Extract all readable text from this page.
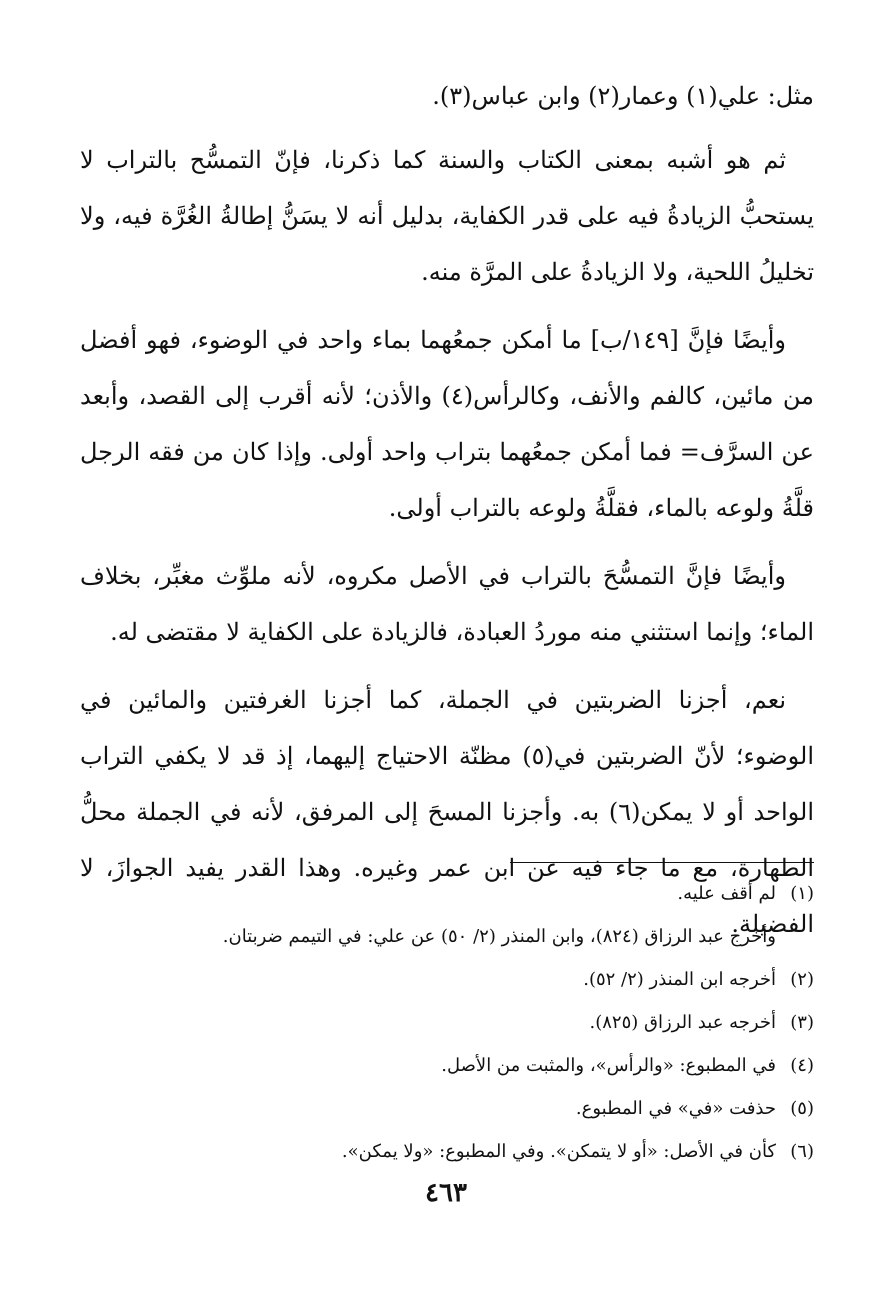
مثل: علي(١) وعمار(٢) وابن عباس(٣).

ثم هو أشبه بمعنى الكتاب والسنة كما ذكرنا، فإنّ التمسُّح بالتراب لا يستحبُّ الزيادةُ فيه على قدر الكفاية، بدليل أنه لا يسَنُّ إطالةُ الغُرَّة فيه، ولا تخليلُ اللحية، ولا الزيادةُ على المرَّة منه.

وأيضًا فإنَّ [١٤٩/ب] ما أمكن جمعُهما بماء واحد في الوضوء، فهو أفضل من مائين، كالفم والأنف، وكالرأس(٤) والأذن؛ لأنه أقرب إلى القصد، وأبعد عن السرَّف= فما أمكن جمعُهما بتراب واحد أولى. وإذا كان من فقه الرجل قلَّةُ ولوعه بالماء، فقلَّةُ ولوعه بالتراب أولى.

وأيضًا فإنَّ التمسُّحَ بالتراب في الأصل مكروه، لأنه ملوِّث مغبِّر، بخلاف الماء؛ وإنما استثني منه موردُ العبادة، فالزيادة على الكفاية لا مقتضى له.

نعم، أجزنا الضربتين في الجملة، كما أجزنا الغرفتين والمائين في الوضوء؛ لأنّ الضربتين في(٥) مظنّة الاحتياج إليهما، إذ قد لا يكفي التراب الواحد أو لا يمكن(٦) به. وأجزنا المسحَ إلى المرفق، لأنه في الجملة محلُّ الطهارة، مع ما جاء فيه عن ابن عمر وغيره. وهذا القدر يفيد الجوازَ، لا الفضيلة.

(١)لم أقف عليه.
وأخرج عبد الرزاق (٨٢٤)، وابن المنذر (٢/ ٥٠) عن علي: في التيمم ضربتان.
(٢)أخرجه ابن المنذر (٢/ ٥٢).
(٣)أخرجه عبد الرزاق (٨٢٥).
(٤)في المطبوع: «والرأس»، والمثبت من الأصل.
(٥)حذفت «في» في المطبوع.
(٦)كأن في الأصل: «أو لا يتمكن». وفي المطبوع: «ولا يمكن».
٤٦٣
